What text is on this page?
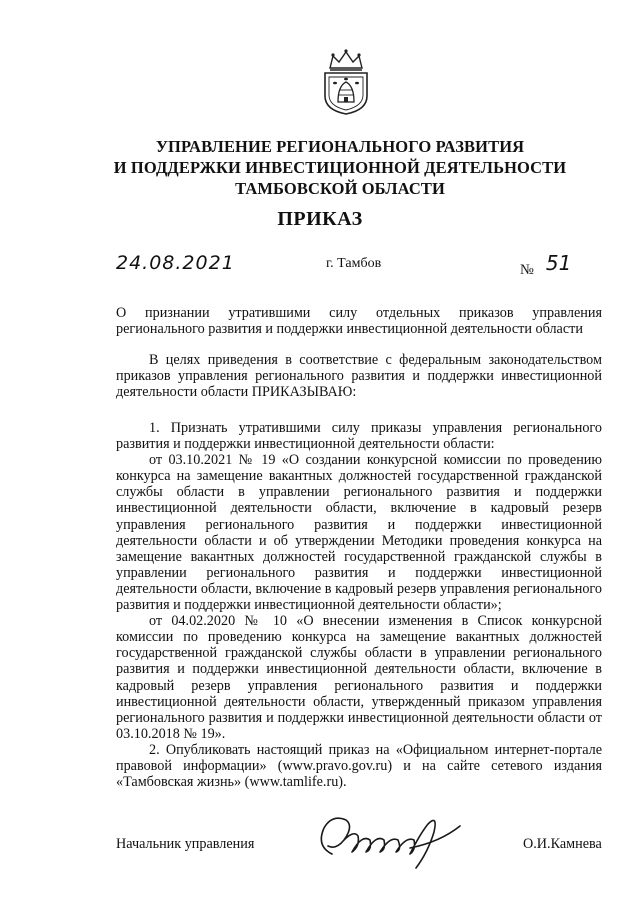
УПРАВЛЕНИЕ РЕГИОНАЛЬНОГО РАЗВИТИЯ
И ПОДДЕРЖКИ ИНВЕСТИЦИОННОЙ ДЕЯТЕЛЬНОСТИ
ТАМБОВСКОЙ ОБЛАСТИ
ПРИКАЗ
24.08.2021	г. Тамбов	№ 51
О признании утратившими силу отдельных приказов управления регионального развития и поддержки инвестиционной деятельности области
В целях приведения в соответствие с федеральным законодательством приказов управления регионального развития и поддержки инвестиционной деятельности области ПРИКАЗЫВАЮ:

1. Признать утратившими силу приказы управления регионального развития и поддержки инвестиционной деятельности области:

от 03.10.2021 № 19 «О создании конкурсной комиссии по проведению конкурса на замещение вакантных должностей государственной гражданской службы области в управлении регионального развития и поддержки инвестиционной деятельности области, включение в кадровый резерв управления регионального развития и поддержки инвестиционной деятельности области и об утверждении Методики проведения конкурса на замещение вакантных должностей государственной гражданской службы в управлении регионального развития и поддержки инвестиционной деятельности области, включение в кадровый резерв управления регионального развития и поддержки инвестиционной деятельности области»;

от 04.02.2020 № 10 «О внесении изменения в Список конкурсной комиссии по проведению конкурса на замещение вакантных должностей государственной гражданской службы области в управлении регионального развития и поддержки инвестиционной деятельности области, включение в кадровый резерв управления регионального развития и поддержки инвестиционной деятельности области, утвержденный приказом управления регионального развития и поддержки инвестиционной деятельности области от 03.10.2018 № 19».

2. Опубликовать настоящий приказ на «Официальном интернет-портале правовой информации» (www.pravo.gov.ru) и на сайте сетевого издания «Тамбовская жизнь» (www.tamlife.ru).

Начальник управления	О.И.Камнева
